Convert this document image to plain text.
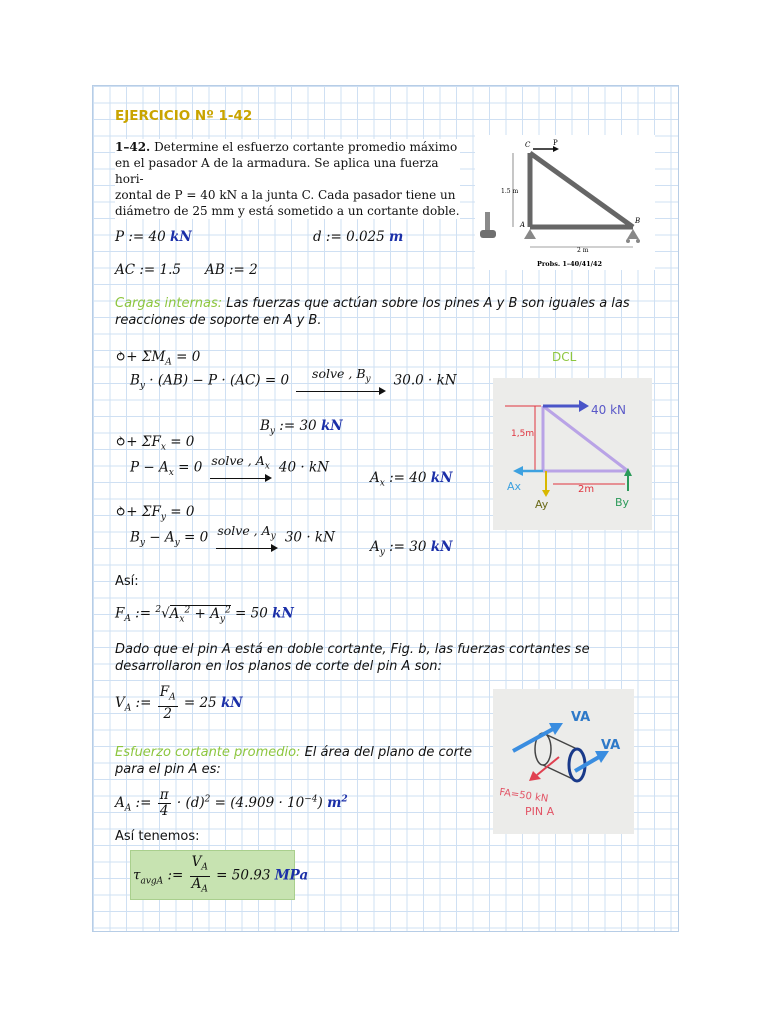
EJERCICIO Nº 1-42
1–42. Determine el esfuerzo cortante promedio máximo
en el pasador A de la armadura. Se aplica una fuerza hori-
zontal de P = 40 kN a la junta C. Cada pasador tiene un
diámetro de 25 mm y está sometido a un cortante doble.
P
C
A	B
1.5 m
2 m
Probs. 1–40/41/42
P := 40 kN	d := 0.025 m
AC := 1.5 AB := 2
Cargas internas: Las fuerzas que actúan sobre los pines A y B son iguales a las
reacciones de soporte en A y B.
DCL
⥁+ $\Sigma M_A = 0$
$B_y \cdot (AB) - P \cdot (AC) = 0$ solve , $B_y$ 30.0 · kN
$B_y$ := 30 kN
⥁+ $\Sigma F_x = 0$
$P - A_x = 0$ solve , $A_x$ 40 · kN
$A_x$ := 40 kN
⥁+ $\Sigma F_y = 0$
$B_y - A_y = 0$ solve , $A_y$ 30 · kN
$A_y$ := 30 kN
40 kN
1,5m
Ax
Ay	By
2m
Así:
$F_A$ := $^2√A_x^2 + A_y^2 = 50$ kN
Dado que el pin A está en doble cortante, Fig. b, las fuerzas cortantes se
desarrollaron en los planos de corte del pin A son:
$V_A$ := $\frac{F_A}{2} = 25$ kN
VA
VA
FA=50 kN
PIN A
Esfuerzo cortante promedio: El área del plano de corte
para el pin A es:
$A_A$ := $\frac{\pi}{4} \cdot (d)^2 = (4.909 \cdot 10^{-4})$ $m^2$
Así tenemos:
$\tau_{avgA}$ := $\frac{V_A}{A_A} = 50.93$ MPa
